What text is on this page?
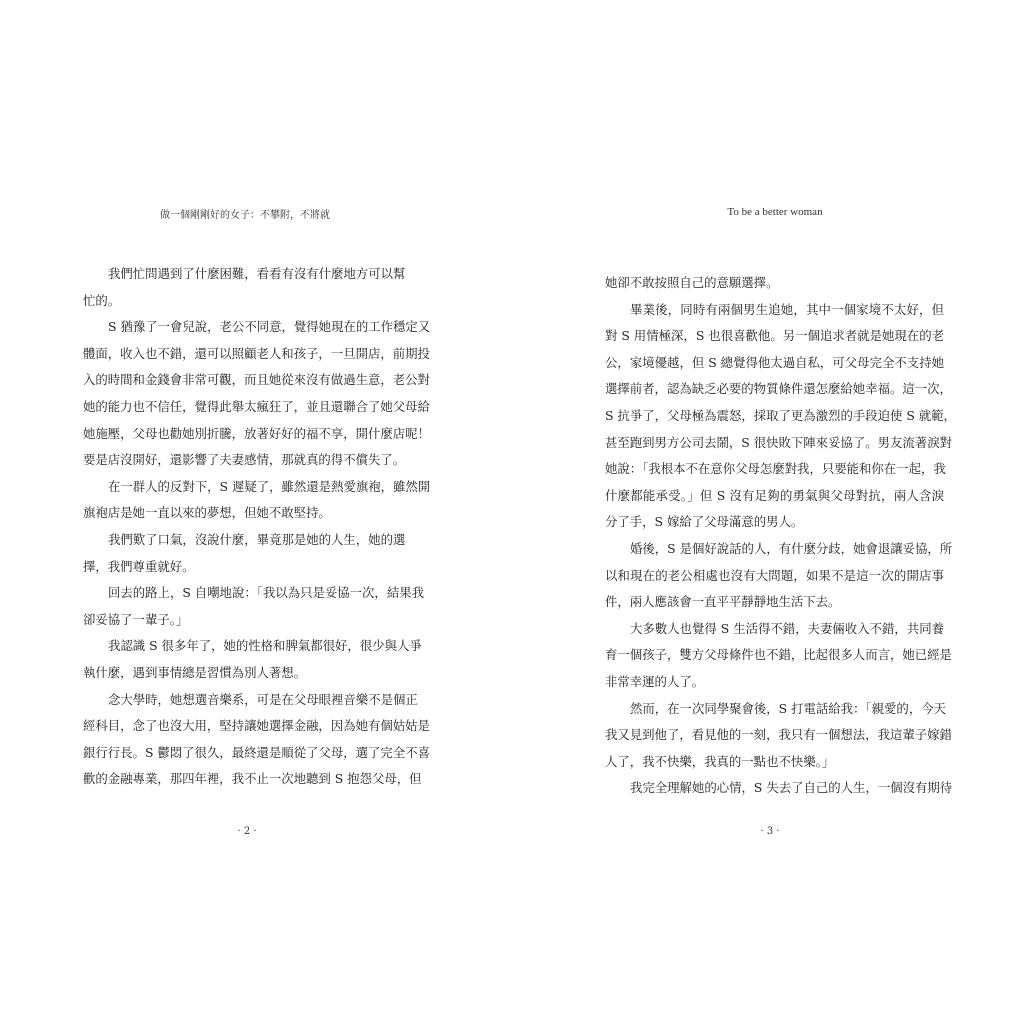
做一個剛剛好的女子：不攀附，不將就	To be a better woman
我們忙問遇到了什麼困難，看看有沒有什麼地方可以幫
忙的。
S 猶豫了一會兒說，老公不同意，覺得她現在的工作穩定又
體面，收入也不錯，還可以照顧老人和孩子，一旦開店，前期投
入的時間和金錢會非常可觀，而且她從來沒有做過生意，老公對
她的能力也不信任，覺得此舉太瘋狂了，並且還聯合了她父母給
她施壓，父母也勸她別折騰，放著好好的福不享，開什麼店呢！
要是店沒開好，還影響了夫妻感情，那就真的得不償失了。
在一群人的反對下，S 遲疑了，雖然還是熱愛旗袍，雖然開
旗袍店是她一直以來的夢想，但她不敢堅持。
我們歎了口氣，沒說什麼，畢竟那是她的人生，她的選
擇，我們尊重就好。
回去的路上，S 自嘲地說：「我以為只是妥協一次，結果我
卻妥協了一輩子。」
我認識 S 很多年了，她的性格和脾氣都很好，很少與人爭
執什麼，遇到事情總是習慣為別人著想。
念大學時，她想選音樂系，可是在父母眼裡音樂不是個正
經科目，念了也沒大用，堅持讓她選擇金融，因為她有個姑姑是
銀行行長。S 鬱悶了很久，最終還是順從了父母，選了完全不喜
歡的金融專業，那四年裡，我不止一次地聽到 S 抱怨父母，但
她卻不敢按照自己的意願選擇。
畢業後，同時有兩個男生追她，其中一個家境不太好，但
對 S 用情極深，S 也很喜歡他。另一個追求者就是她現在的老
公，家境優越，但 S 總覺得他太過自私，可父母完全不支持她
選擇前者，認為缺乏必要的物質條件還怎麼給她幸福。這一次，
S 抗爭了，父母極為震怒，採取了更為激烈的手段迫使 S 就範，
甚至跑到男方公司去鬧，S 很快敗下陣來妥協了。男友流著淚對
她說：「我根本不在意你父母怎麼對我，只要能和你在一起，我
什麼都能承受。」但 S 沒有足夠的勇氣與父母對抗，兩人含淚
分了手，S 嫁給了父母滿意的男人。
婚後，S 是個好說話的人，有什麼分歧，她會退讓妥協，所
以和現在的老公相處也沒有大問題，如果不是這一次的開店事
件，兩人應該會一直平平靜靜地生活下去。
大多數人也覺得 S 生活得不錯，夫妻倆收入不錯，共同養
育一個孩子，雙方父母條件也不錯，比起很多人而言，她已經是
非常幸運的人了。
然而，在一次同學聚會後，S 打電話給我：「親愛的，今天
我又見到他了，看見他的一刻，我只有一個想法，我這輩子嫁錯
人了，我不快樂，我真的一點也不快樂。」
我完全理解她的心情，S 失去了自己的人生，一個沒有期待
· 2 ·	· 3 ·
